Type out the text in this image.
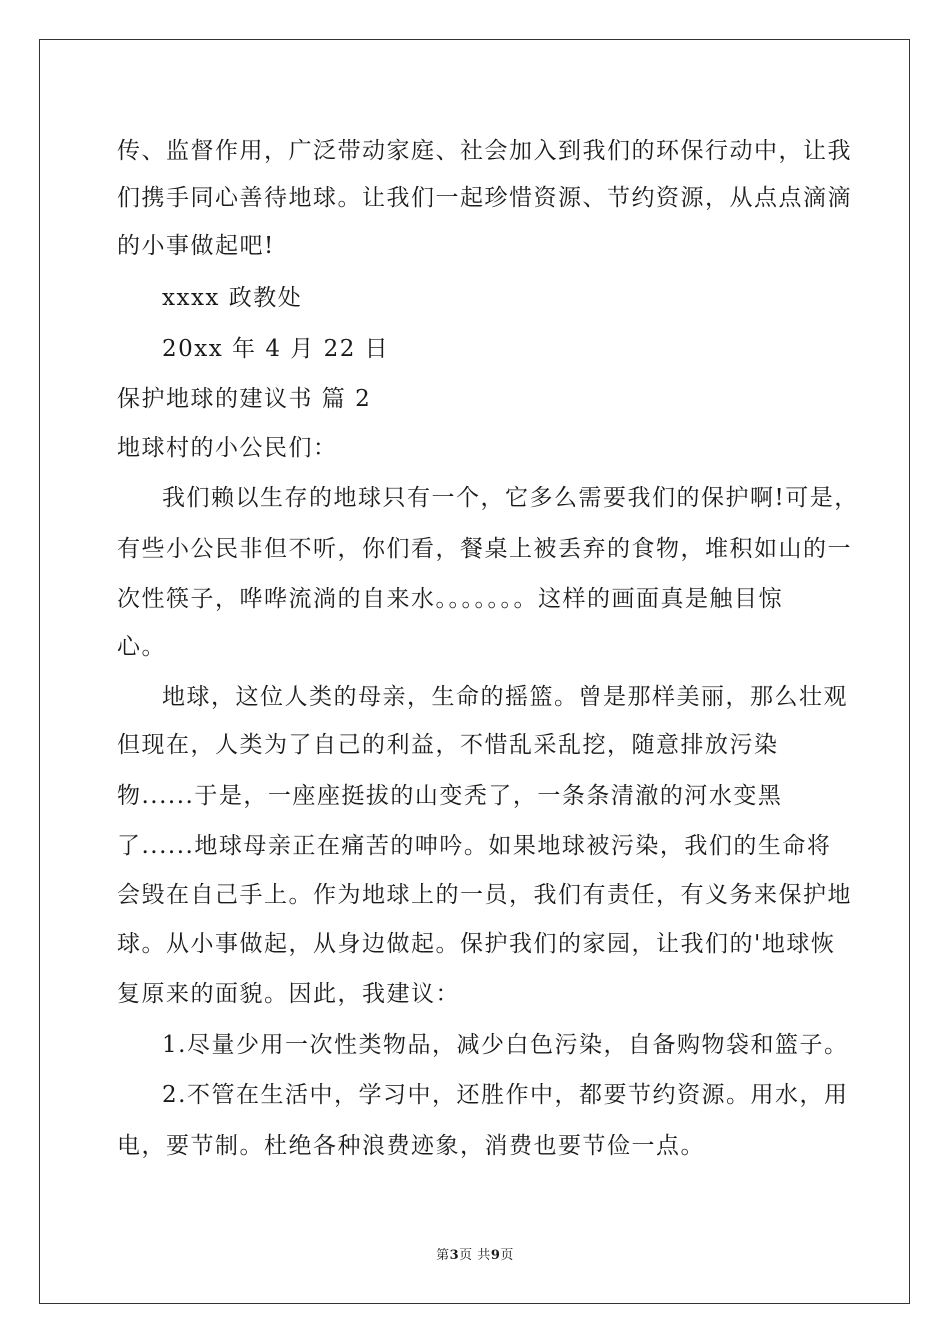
传、监督作用，广泛带动家庭、社会加入到我们的环保行动中，让我
们携手同心善待地球。让我们一起珍惜资源、节约资源，从点点滴滴
的小事做起吧!
xxxx 政教处
20xx 年 4 月 22 日
保护地球的建议书 篇 2
地球村的小公民们：
我们赖以生存的地球只有一个，它多么需要我们的保护啊!可是，
有些小公民非但不听，你们看，餐桌上被丢弃的食物，堆积如山的一
次性筷子，哗哗流淌的自来水。。。。。。。这样的画面真是触目惊
心。
地球，这位人类的母亲，生命的摇篮。曾是那样美丽，那么壮观
但现在，人类为了自己的利益，不惜乱采乱挖，随意排放污染
物......于是，一座座挺拔的山变秃了，一条条清澈的河水变黑
了......地球母亲正在痛苦的呻吟。如果地球被污染，我们的生命将
会毁在自己手上。作为地球上的一员，我们有责任，有义务来保护地
球。从小事做起，从身边做起。保护我们的家园，让我们的'地球恢
复原来的面貌。因此，我建议：
1.尽量少用一次性类物品，减少白色污染，自备购物袋和篮子。
2.不管在生活中，学习中，还胜作中，都要节约资源。用水，用
电，要节制。杜绝各种浪费迹象，消费也要节俭一点。
第3页 共9页
